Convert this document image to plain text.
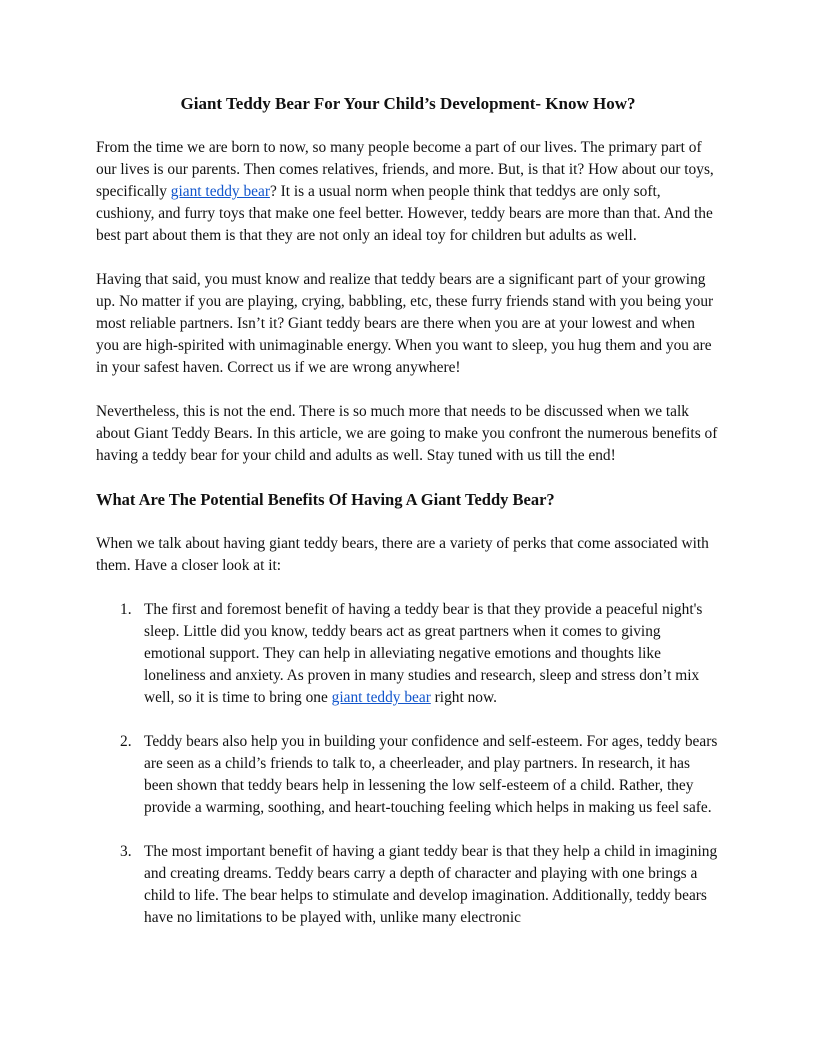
Giant Teddy Bear For Your Child’s Development- Know How?

From the time we are born to now, so many people become a part of our lives. The primary part of our lives is our parents. Then comes relatives, friends, and more. But, is that it? How about our toys, specifically giant teddy bear? It is a usual norm when people think that teddys are only soft, cushiony, and furry toys that make one feel better. However, teddy bears are more than that. And the best part about them is that they are not only an ideal toy for children but adults as well.

Having that said, you must know and realize that teddy bears are a significant part of your growing up. No matter if you are playing, crying, babbling, etc, these furry friends stand with you being your most reliable partners. Isn’t it? Giant teddy bears are there when you are at your lowest and when you are high-spirited with unimaginable energy. When you want to sleep, you hug them and you are in your safest haven. Correct us if we are wrong anywhere!

Nevertheless, this is not the end. There is so much more that needs to be discussed when we talk about Giant Teddy Bears. In this article, we are going to make you confront the numerous benefits of having a teddy bear for your child and adults as well. Stay tuned with us till the end!

What Are The Potential Benefits Of Having A Giant Teddy Bear?

When we talk about having giant teddy bears, there are a variety of perks that come associated with them. Have a closer look at it:

1. The first and foremost benefit of having a teddy bear is that they provide a peaceful night's sleep. Little did you know, teddy bears act as great partners when it comes to giving emotional support. They can help in alleviating negative emotions and thoughts like loneliness and anxiety. As proven in many studies and research, sleep and stress don’t mix well, so it is time to bring one giant teddy bear right now.
2. Teddy bears also help you in building your confidence and self-esteem. For ages, teddy bears are seen as a child’s friends to talk to, a cheerleader, and play partners. In research, it has been shown that teddy bears help in lessening the low self-esteem of a child. Rather, they provide a warming, soothing, and heart-touching feeling which helps in making us feel safe.
3. The most important benefit of having a giant teddy bear is that they help a child in imagining and creating dreams. Teddy bears carry a depth of character and playing with one brings a child to life. The bear helps to stimulate and develop imagination. Additionally, teddy bears have no limitations to be played with, unlike many electronic
